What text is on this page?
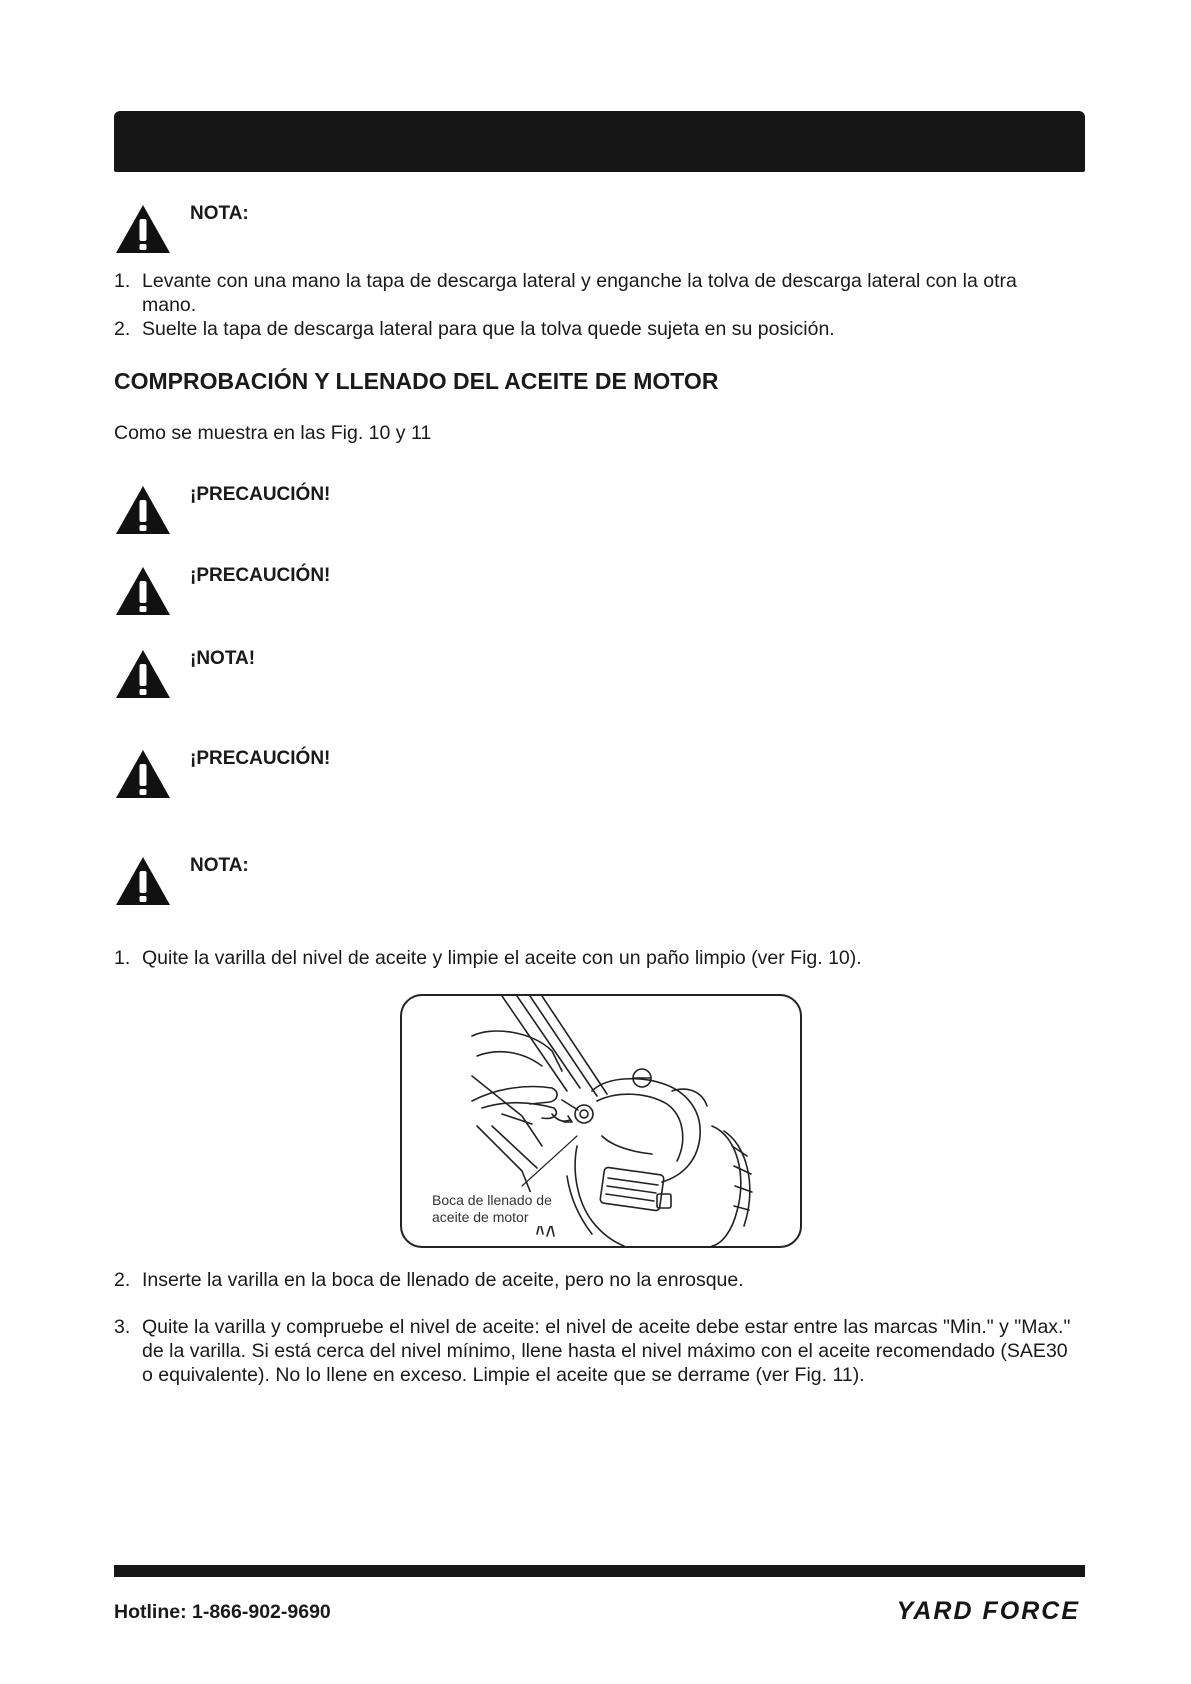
NOTA:

1. Levante con una mano la tapa de descarga lateral y enganche la tolva de descarga lateral con la otra mano.

2. Suelte la tapa de descarga lateral para que la tolva quede sujeta en su posición.

COMPROBACIÓN Y LLENADO DEL ACEITE DE MOTOR
Como se muestra en las Fig. 10 y 11
¡PRECAUCIÓN!
¡PRECAUCIÓN!
¡NOTA!
¡PRECAUCIÓN!
NOTA:

1. Quite la varilla del nivel de aceite y limpie el aceite con un paño limpio (ver Fig. 10).

Boca de llenado de
aceite de motor

2. Inserte la varilla en la boca de llenado de aceite, pero no la enrosque.

3. Quite la varilla y compruebe el nivel de aceite: el nivel de aceite debe estar entre las marcas "Min." y "Max." de la varilla. Si está cerca del nivel mínimo, llene hasta el nivel máximo con el aceite recomendado (SAE30 o equivalente). No lo llene en exceso. Limpie el aceite que se derrame (ver Fig. 11).

Hotline: 1-866-902-9690	YARD FORCE
